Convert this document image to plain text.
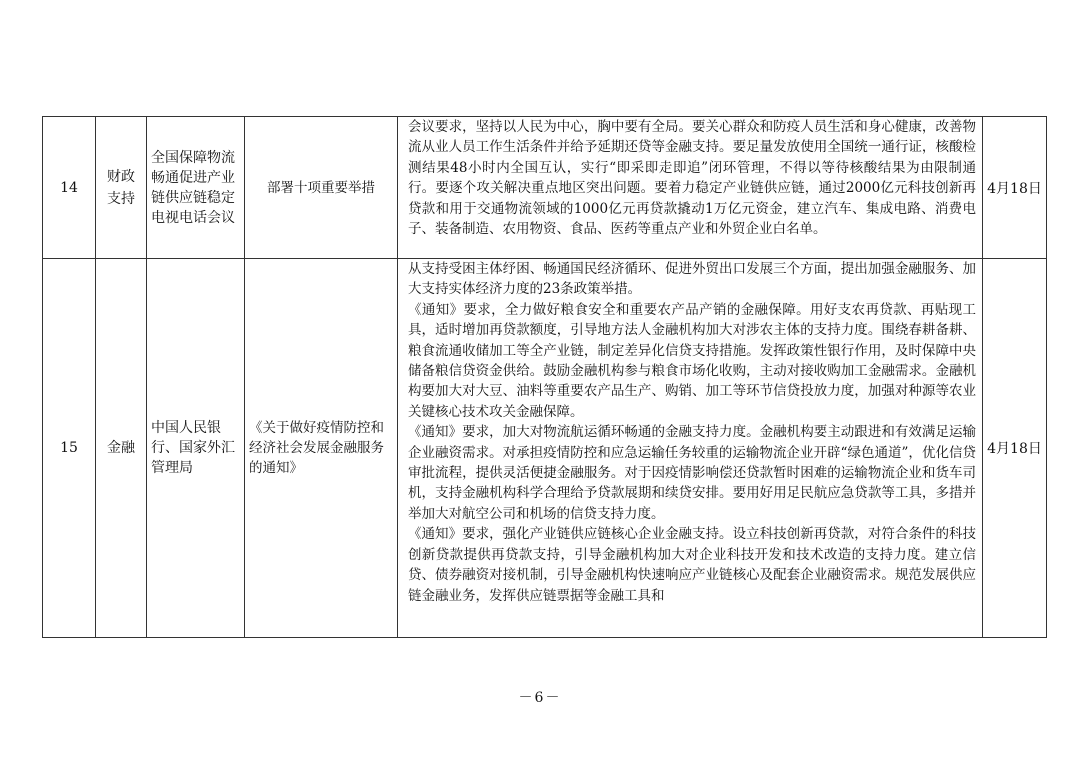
14	财政支持	全国保障物流畅通促进产业链供应链稳定电视电话会议	部署十项重要举措	会议要求，坚持以人民为中心，胸中要有全局。要关心群众和防疫人员生活和身心健康，改善物流从业人员工作生活条件并给予延期还贷等金融支持。要足量发放使用全国统一通行证，核酸检测结果48小时内全国互认，实行“即采即走即追”闭环管理，不得以等待核酸结果为由限制通行。要逐个攻关解决重点地区突出问题。要着力稳定产业链供应链，通过2000亿元科技创新再贷款和用于交通物流领域的1000亿元再贷款撬动1万亿元资金，建立汽车、集成电路、消费电子、装备制造、农用物资、食品、医药等重点产业和外贸企业白名单。	4月18日
15	金融	中国人民银行、国家外汇管理局	《关于做好疫情防控和经济社会发展金融服务的通知》	从支持受困主体纾困、畅通国民经济循环、促进外贸出口发展三个方面，提出加强金融服务、加大支持实体经济力度的23条政策举措。
《通知》要求，全力做好粮食安全和重要农产品产销的金融保障。用好支农再贷款、再贴现工具，适时增加再贷款额度，引导地方法人金融机构加大对涉农主体的支持力度。围绕春耕备耕、粮食流通收储加工等全产业链，制定差异化信贷支持措施。发挥政策性银行作用，及时保障中央储备粮信贷资金供给。鼓励金融机构参与粮食市场化收购，主动对接收购加工金融需求。金融机构要加大对大豆、油料等重要农产品生产、购销、加工等环节信贷投放力度，加强对种源等农业关键核心技术攻关金融保障。
《通知》要求，加大对物流航运循环畅通的金融支持力度。金融机构要主动跟进和有效满足运输企业融资需求。对承担疫情防控和应急运输任务较重的运输物流企业开辟“绿色通道”，优化信贷审批流程，提供灵活便捷金融服务。对于因疫情影响偿还贷款暂时困难的运输物流企业和货车司机，支持金融机构科学合理给予贷款展期和续贷安排。要用好用足民航应急贷款等工具，多措并举加大对航空公司和机场的信贷支持力度。
《通知》要求，强化产业链供应链核心企业金融支持。设立科技创新再贷款，对符合条件的科技创新贷款提供再贷款支持，引导金融机构加大对企业科技开发和技术改造的支持力度。建立信贷、债券融资对接机制，引导金融机构快速响应产业链核心及配套企业融资需求。规范发展供应链金融业务，发挥供应链票据等金融工具和	4月18日
－6－
